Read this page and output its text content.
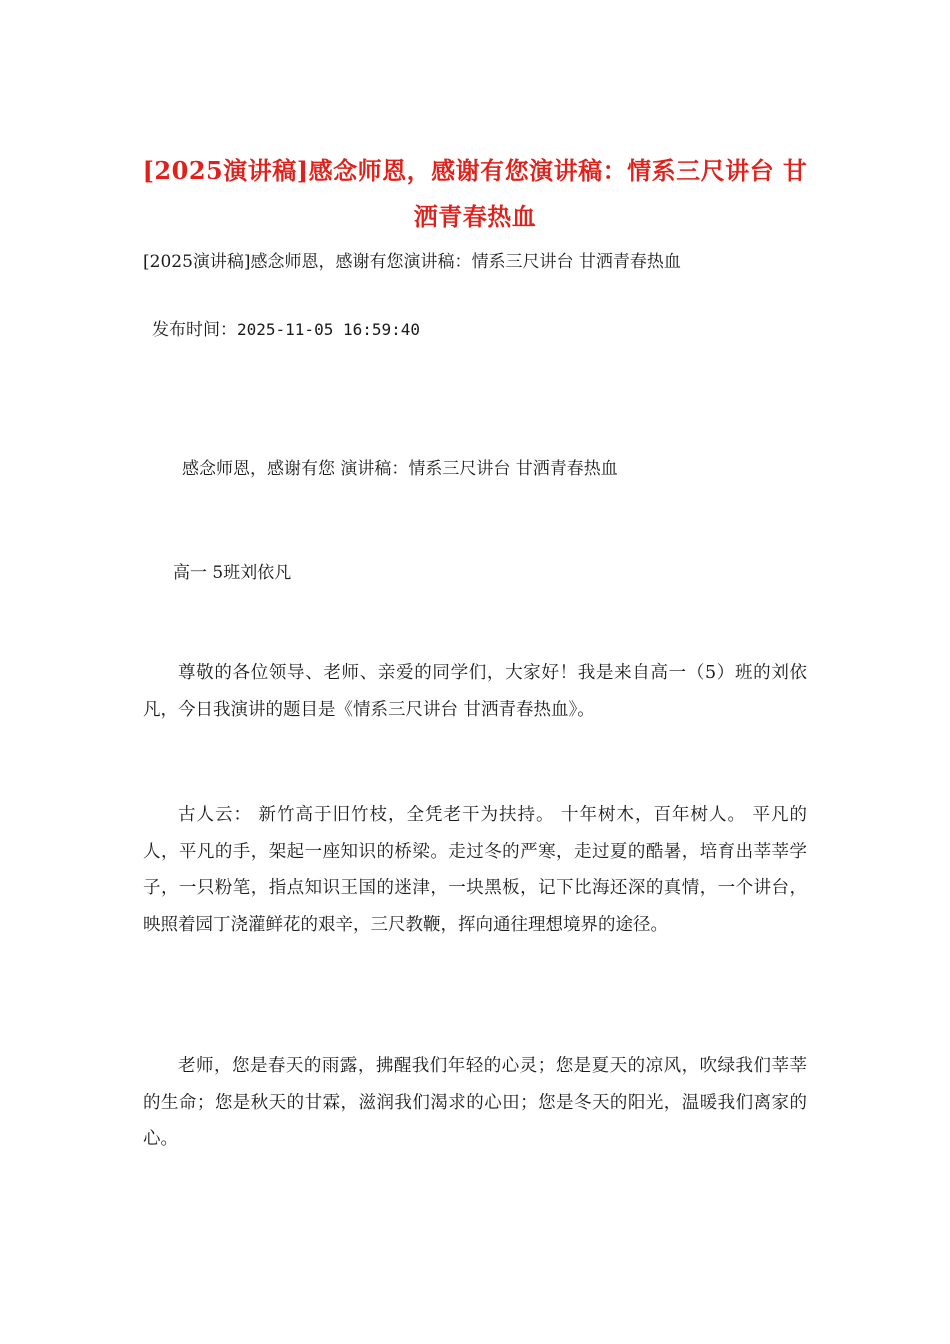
[2025演讲稿]感念师恩，感谢有您演讲稿：情系三尺讲台 甘洒青春热血
[2025演讲稿]感念师恩，感谢有您演讲稿：情系三尺讲台 甘洒青春热血
发布时间：2025-11-05 16:59:40
感念师恩，感谢有您 演讲稿：情系三尺讲台 甘洒青春热血
高一 5班刘依凡

尊敬的各位领导、老师、亲爱的同学们，大家好！我是来自高一（5）班的刘依凡，今日我演讲的题目是《情系三尺讲台 甘洒青春热血》。

古人云： 新竹高于旧竹枝，全凭老干为扶持。 十年树木，百年树人。 平凡的人，平凡的手，架起一座知识的桥梁。走过冬的严寒，走过夏的酷暑，培育出莘莘学子，一只粉笔，指点知识王国的迷津，一块黑板，记下比海还深的真情，一个讲台，映照着园丁浇灌鲜花的艰辛，三尺教鞭，挥向通往理想境界的途径。

老师，您是春天的雨露，拂醒我们年轻的心灵；您是夏天的凉风，吹绿我们莘莘的生命；您是秋天的甘霖，滋润我们渴求的心田；您是冬天的阳光，温暖我们离家的心。
